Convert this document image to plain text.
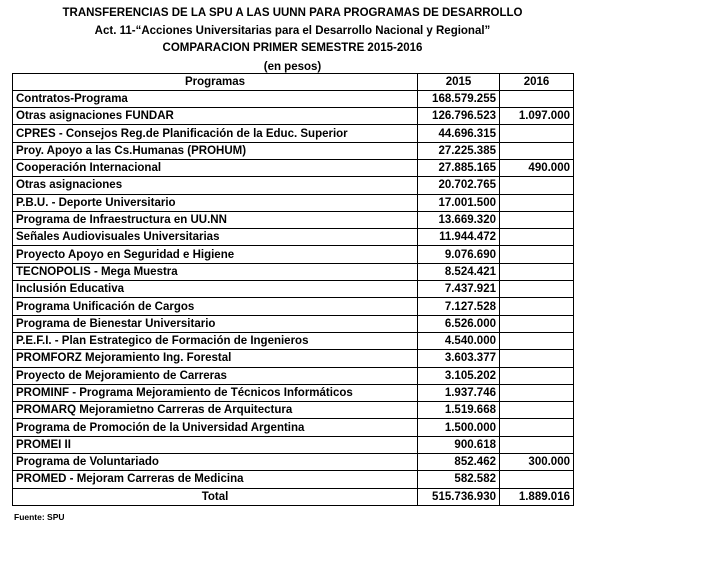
TRANSFERENCIAS DE LA SPU A LAS UUNN PARA PROGRAMAS DE DESARROLLO
Act. 11-“Acciones Universitarias para el Desarrollo Nacional y Regional”
COMPARACION PRIMER SEMESTRE 2015-2016
(en pesos)
Programas	2015	2016
Contratos-Programa	168.579.255	
Otras asignaciones FUNDAR	126.796.523	1.097.000
CPRES - Consejos Reg.de Planificación de la Educ. Superior	44.696.315	
Proy. Apoyo a las Cs.Humanas (PROHUM)	27.225.385	
Cooperación Internacional	27.885.165	490.000
Otras asignaciones	20.702.765	
P.B.U. - Deporte Universitario	17.001.500	
Programa de Infraestructura en UU.NN	13.669.320	
Señales Audiovisuales Universitarias	11.944.472	
Proyecto Apoyo en Seguridad e Higiene	9.076.690	
TECNOPOLIS - Mega Muestra	8.524.421	
Inclusión Educativa	7.437.921	
Programa Unificación de Cargos	7.127.528	
Programa de Bienestar Universitario	6.526.000	
P.E.F.I. - Plan Estrategico de Formación de Ingenieros	4.540.000	
PROMFORZ Mejoramiento Ing. Forestal	3.603.377	
Proyecto de Mejoramiento de Carreras	3.105.202	
PROMINF - Programa Mejoramiento de Técnicos Informáticos	1.937.746	
PROMARQ Mejoramietno Carreras de Arquitectura	1.519.668	
Programa de Promoción de la Universidad Argentina	1.500.000	
PROMEI II	900.618	
Programa de Voluntariado	852.462	300.000
PROMED - Mejoram Carreras de Medicina	582.582	
Total	515.736.930	1.889.016
Fuente: SPU
